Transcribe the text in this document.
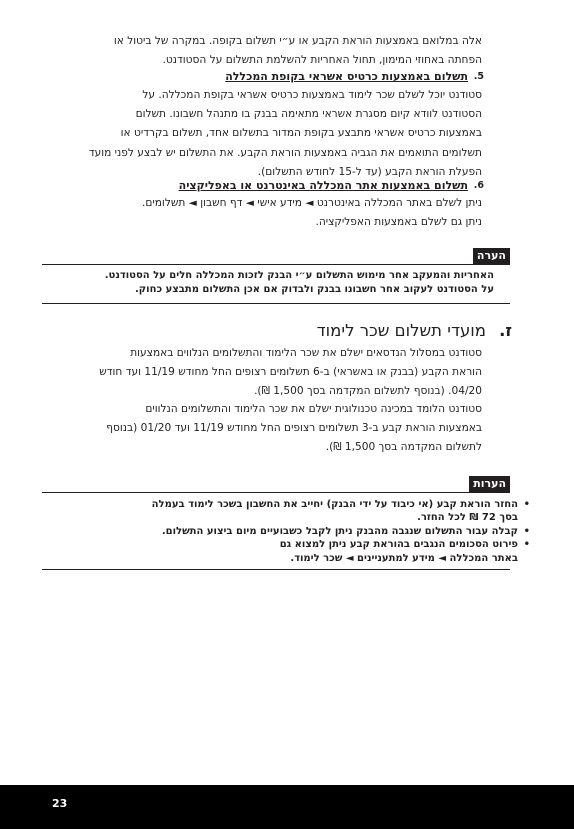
אלה במלואם באמצעות הוראת הקבע או ע״י תשלום בקופה. במקרה של ביטול או
הפחתה באחוזי המימון, תחול האחריות להשלמת התשלום על הסטודנט.
5.
תשלום באמצעות כרטיס אשראי בקופת המכללה
סטודנט יוכל לשלם שכר לימוד באמצעות כרטיס אשראי בקופת המכללה. על
הסטודנט לוודא קיום מסגרת אשראי מתאימה בבנק בו מתנהל חשבונו. תשלום
באמצעות כרטיס אשראי מתבצע בקופת המדור בתשלום אחד, תשלום בקרדיט או
תשלומים התואמים את הגביה באמצעות הוראת הקבע. את התשלום יש לבצע לפני מועד
הפעלת הוראת הקבע (עד ל-15 לחודש התשלום).
6.
תשלום באמצעות אתר המכללה באינטרנט או באפליקציה
ניתן לשלם באתר המכללה באינטרנט ◄ מידע אישי ◄ דף חשבון ◄ תשלומים.
ניתן גם לשלם באמצעות האפליקציה.
הערה
האחריות והמעקב אחר מימוש התשלום ע״י הבנק לזכות המכללה חלים על הסטודנט.
על הסטודנט לעקוב אחר חשבונו בבנק ולבדוק אם אכן התשלום מתבצע כחוק.
ז.
מועדי תשלום שכר לימוד
סטודנט במסלול הנדסאים ישלם את שכר הלימוד והתשלומים הנלווים באמצעות
הוראת הקבע (בבנק או באשראי) ב-6 תשלומים רצופים החל מחודש 11/19 ועד חודש
04/20. (בנוסף לתשלום המקדמה בסך 1,500 ₪).
סטודנט הלומד במכינה טכנולוגית ישלם את שכר הלימוד והתשלומים הנלווים
באמצעות הוראת קבע ב-3 תשלומים רצופים החל מחודש 11/19 ועד 01/20 (בנוסף
לתשלום המקדמה בסך 1,500 ₪).
הערות
• החזר הוראת קבע (אי כיבוד על ידי הבנק) יחייב את החשבון בשכר לימוד בעמלה
בסך 72 ₪ לכל החזר.
• קבלה עבור התשלום שנגבה מהבנק ניתן לקבל כשבועיים מיום ביצוע התשלום.
• פירוט הסכומים הנגבים בהוראת קבע ניתן למצוא גם
באתר המכללה ◄ מידע למתעניינים ◄ שכר לימוד.
23
